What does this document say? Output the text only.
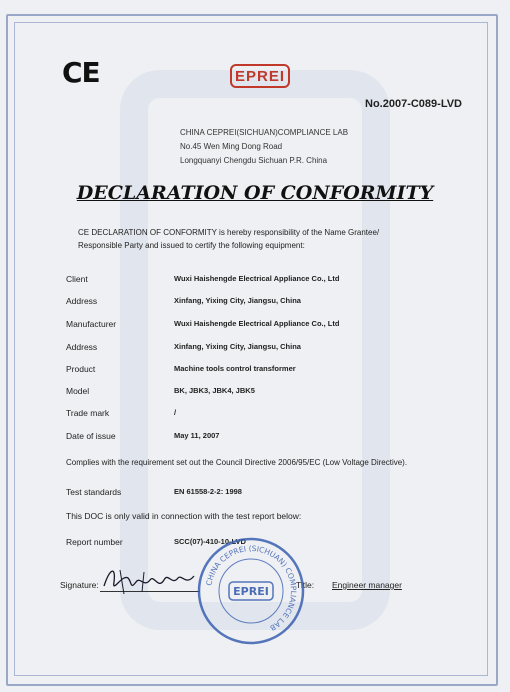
CE	EPREI
No.2007-C089-LVD
CHINA CEPREI(SICHUAN)COMPLIANCE LAB
No.45 Wen Ming Dong Road
Longquanyi Chengdu Sichuan P.R. China
DECLARATION OF CONFORMITY
CE DECLARATION OF CONFORMITY is hereby responsibility of the Name Grantee/
Responsible Party and issued to certify the following equipment:
Client	Wuxi Haishengde Electrical Appliance Co., Ltd
Address	Xinfang, Yixing City, Jiangsu, China
Manufacturer	Wuxi Haishengde Electrical Appliance Co., Ltd
Address	Xinfang, Yixing City, Jiangsu, China
Product	Machine tools control transformer
Model	BK, JBK3, JBK4, JBK5
Trade mark	/
Date of issue	May 11, 2007
Complies with the requirement set out the Council Directive 2006/95/EC (Low Voltage Directive).
Test standards	EN 61558-2-2: 1998
This DOC is only valid in connection with the test report below:
Report number	SCC(07)-410-10-LVD
Signature:	Title: Engineer manager
CHINA CEPREI (SICHUAN) COMPLIANCE LAB
EPREI
